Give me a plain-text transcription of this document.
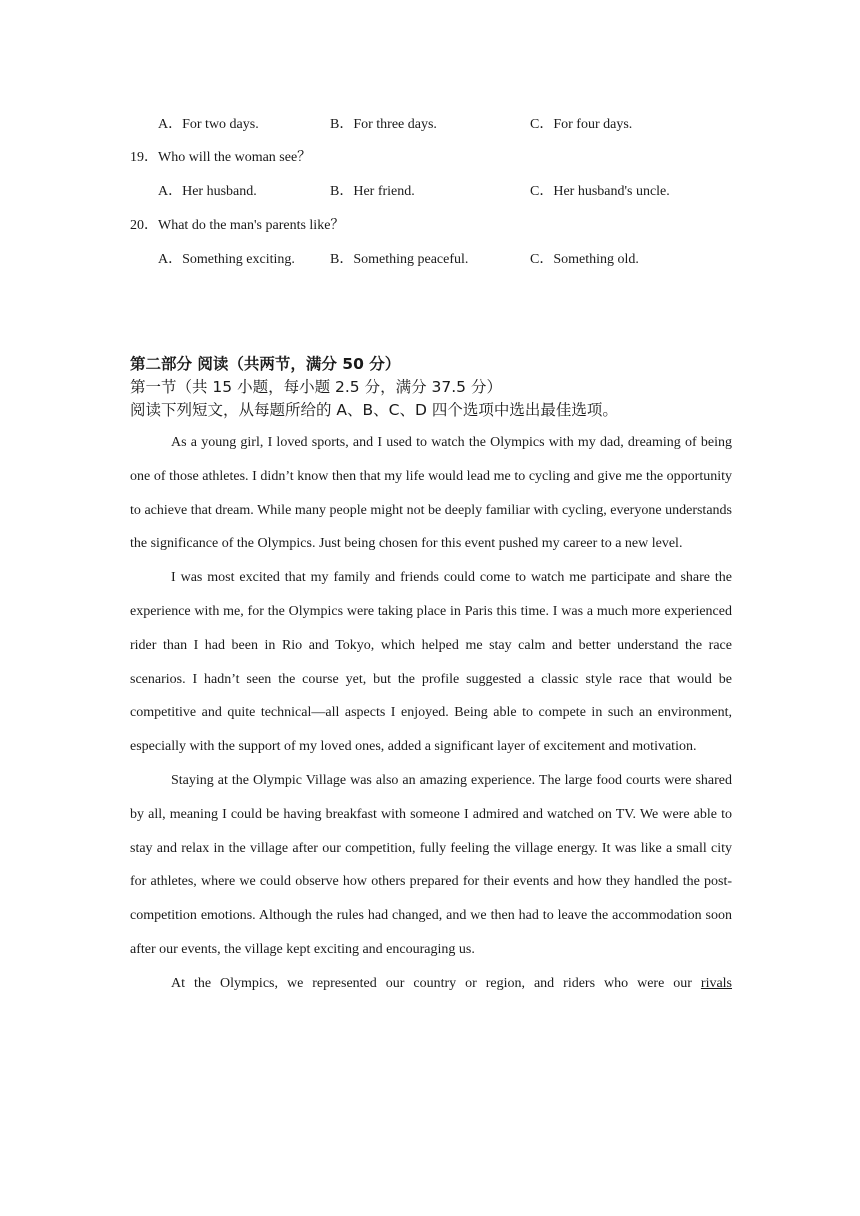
A．For two days.	B．For three days.	C．For four days.
19．Who will the woman see？
A．Her husband.	B．Her friend.	C．Her husband's uncle.
20．What do the man's parents like？
A．Something exciting.	B．Something peaceful.	C．Something old.
第二部分 阅读（共两节，满分 50 分）
第一节（共 15 小题，每小题 2.5 分，满分 37.5 分）
阅读下列短文，从每题所给的 A、B、C、D 四个选项中选出最佳选项。

As a young girl, I loved sports, and I used to watch the Olympics with my dad, dreaming of being one of those athletes. I didn’t know then that my life would lead me to cycling and give me the opportunity to achieve that dream. While many people might not be deeply familiar with cycling, everyone understands the significance of the Olympics. Just being chosen for this event pushed my career to a new level.

I was most excited that my family and friends could come to watch me participate and share the experience with me, for the Olympics were taking place in Paris this time. I was a much more experienced rider than I had been in Rio and Tokyo, which helped me stay calm and better understand the race scenarios. I hadn’t seen the course yet, but the profile suggested a classic style race that would be competitive and quite technical—all aspects I enjoyed. Being able to compete in such an environment, especially with the support of my loved ones, added a significant layer of excitement and motivation.

Staying at the Olympic Village was also an amazing experience. The large food courts were shared by all, meaning I could be having breakfast with someone I admired and watched on TV. We were able to stay and relax in the village after our competition, fully feeling the village energy. It was like a small city for athletes, where we could observe how others prepared for their events and how they handled the post-competition emotions. Although the rules had changed, and we then had to leave the accommodation soon after our events, the village kept exciting and encouraging us.

At the Olympics, we represented our country or region, and riders who were our rivals
